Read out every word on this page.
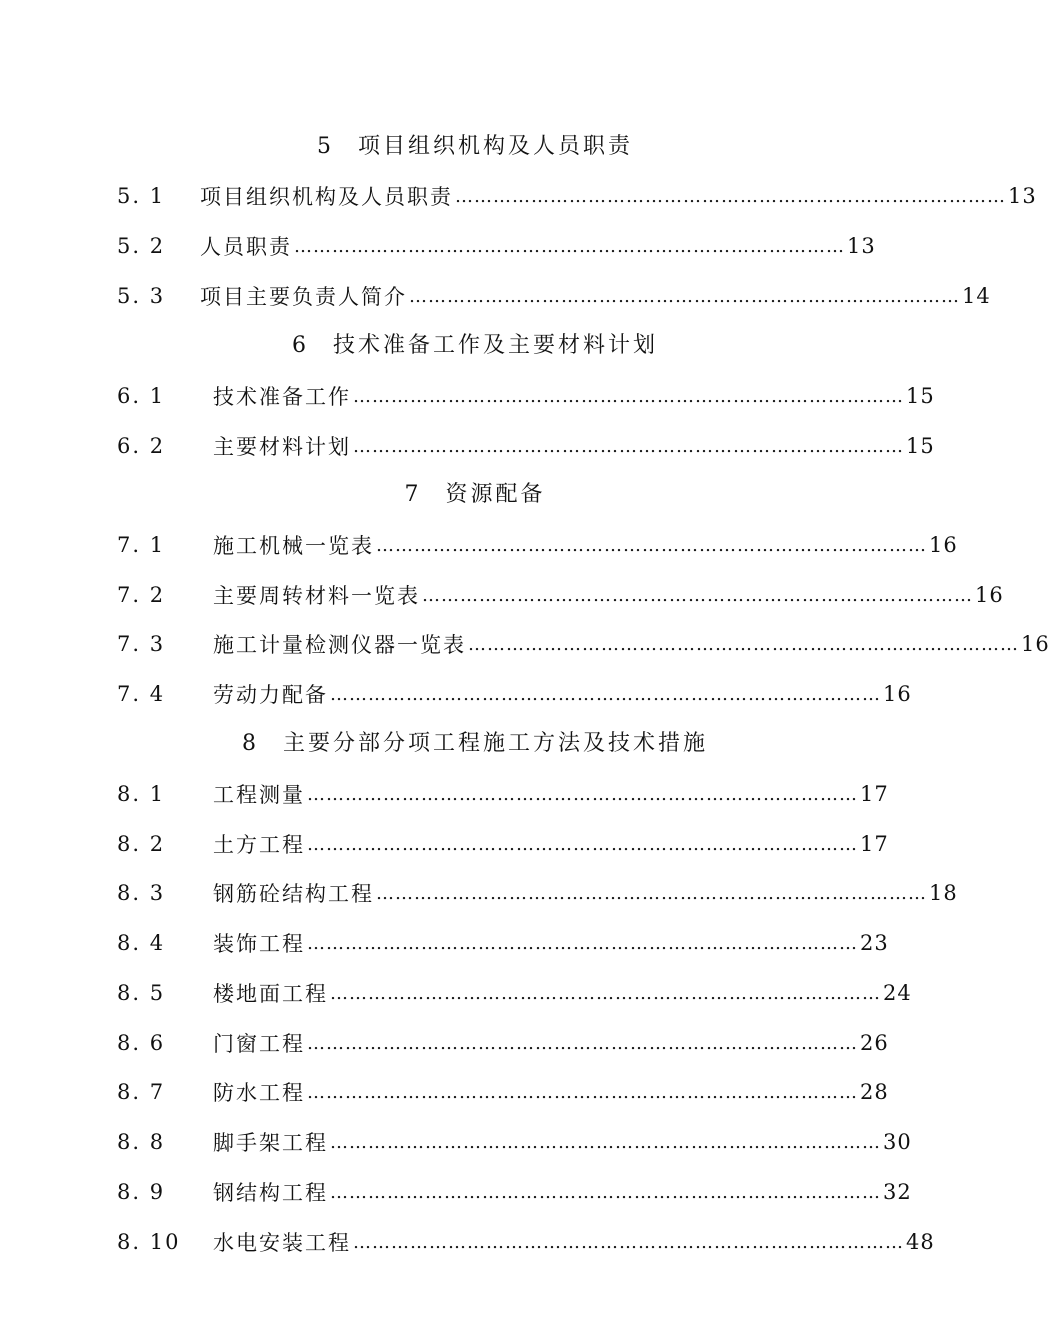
5 项目组织机构及人员职责
5. 1	项目组织机构及人员职责 …………………………………………………………………………… 13
5. 2	人员职责 …………………………………………………………………………… 13
5. 3	项目主要负责人简介 …………………………………………………………………………… 14
6 技术准备工作及主要材料计划
6. 1	技术准备工作 …………………………………………………………………………… 15
6. 2	主要材料计划 …………………………………………………………………………… 15
7 资源配备
7. 1	施工机械一览表 …………………………………………………………………………… 16
7. 2	主要周转材料一览表 …………………………………………………………………………… 16
7. 3	施工计量检测仪器一览表 …………………………………………………………………………… 16
7. 4	劳动力配备 …………………………………………………………………………… 16
8 主要分部分项工程施工方法及技术措施
8. 1	工程测量 …………………………………………………………………………… 17
8. 2	土方工程 …………………………………………………………………………… 17
8. 3	钢筋砼结构工程 …………………………………………………………………………… 18
8. 4	装饰工程 …………………………………………………………………………… 23
8. 5	楼地面工程 …………………………………………………………………………… 24
8. 6	门窗工程 …………………………………………………………………………… 26
8. 7	防水工程 …………………………………………………………………………… 28
8. 8	脚手架工程 …………………………………………………………………………… 30
8. 9	钢结构工程 …………………………………………………………………………… 32
8. 10	水电安装工程 …………………………………………………………………………… 48
